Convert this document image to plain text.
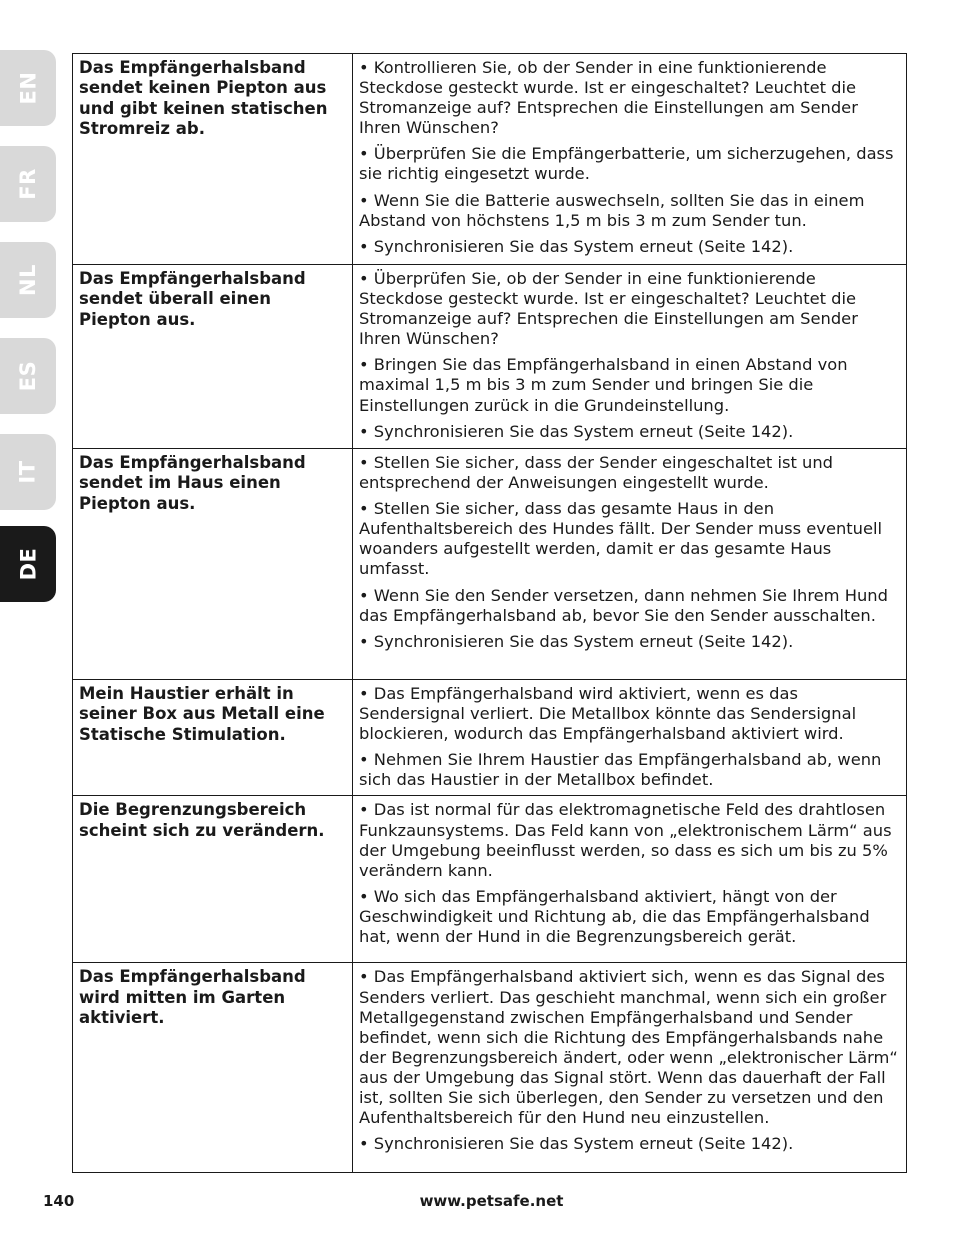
EN
FR
NL
ES
IT
DE
Das Empfängerhalsband sendet keinen Piepton aus und gibt keinen statischen Stromreiz ab.	• Kontrollieren Sie, ob der Sender in eine funktionierende Steckdose gesteckt wurde. Ist er eingeschaltet? Leuchtet die Stromanzeige auf? Entsprechen die Einstellungen am Sender Ihren Wünschen?

• Überprüfen Sie die Empfängerbatterie, um sicherzugehen, dass sie richtig eingesetzt wurde.

• Wenn Sie die Batterie auswechseln, sollten Sie das in einem Abstand von höchstens 1,5 m bis 3 m zum Sender tun.

• Synchronisieren Sie das System erneut (Seite 142).

Das Empfängerhalsband sendet überall einen Piepton aus.	• Überprüfen Sie, ob der Sender in eine funktionierende Steckdose gesteckt wurde. Ist er eingeschaltet? Leuchtet die Stromanzeige auf? Entsprechen die Einstellungen am Sender Ihren Wünschen?

• Bringen Sie das Empfängerhalsband in einen Abstand von maximal 1,5 m bis 3 m zum Sender und bringen Sie die Einstellungen zurück in die Grundeinstellung.

• Synchronisieren Sie das System erneut (Seite 142).

Das Empfängerhalsband sendet im Haus einen Piepton aus.	• Stellen Sie sicher, dass der Sender eingeschaltet ist und entsprechend der Anweisungen eingestellt wurde.

• Stellen Sie sicher, dass das gesamte Haus in den Aufenthaltsbereich des Hundes fällt. Der Sender muss eventuell woanders aufgestellt werden, damit er das gesamte Haus umfasst.

• Wenn Sie den Sender versetzen, dann nehmen Sie Ihrem Hund das Empfängerhalsband ab, bevor Sie den Sender ausschalten.

• Synchronisieren Sie das System erneut (Seite 142).

Mein Haustier erhält in seiner Box aus Metall eine Statische Stimulation.	• Das Empfängerhalsband wird aktiviert, wenn es das Sendersignal verliert. Die Metallbox könnte das Sendersignal blockieren, wodurch das Empfängerhalsband aktiviert wird.

• Nehmen Sie Ihrem Haustier das Empfängerhalsband ab, wenn sich das Haustier in der Metallbox befindet.

Die Begrenzungsbereich scheint sich zu verändern.	• Das ist normal für das elektromagnetische Feld des drahtlosen Funkzaunsystems. Das Feld kann von „elektronischem Lärm“ aus der Umgebung beeinflusst werden, so dass es sich um bis zu 5% verändern kann.

• Wo sich das Empfängerhalsband aktiviert, hängt von der Geschwindigkeit und Richtung ab, die das Empfängerhalsband hat, wenn der Hund in die Begrenzungsbereich gerät.

Das Empfängerhalsband wird mitten im Garten aktiviert.	• Das Empfängerhalsband aktiviert sich, wenn es das Signal des Senders verliert. Das geschieht manchmal, wenn sich ein großer Metallgegenstand zwischen Empfängerhalsband und Sender befindet, wenn sich die Richtung des Empfängerhalsbands nahe der Begrenzungsbereich ändert, oder wenn „elektronischer Lärm“ aus der Umgebung das Signal stört. Wenn das dauerhaft der Fall ist, sollten Sie sich überlegen, den Sender zu versetzen und den Aufenthaltsbereich für den Hund neu einzustellen.

• Synchronisieren Sie das System erneut (Seite 142).

140	www.petsafe.net
